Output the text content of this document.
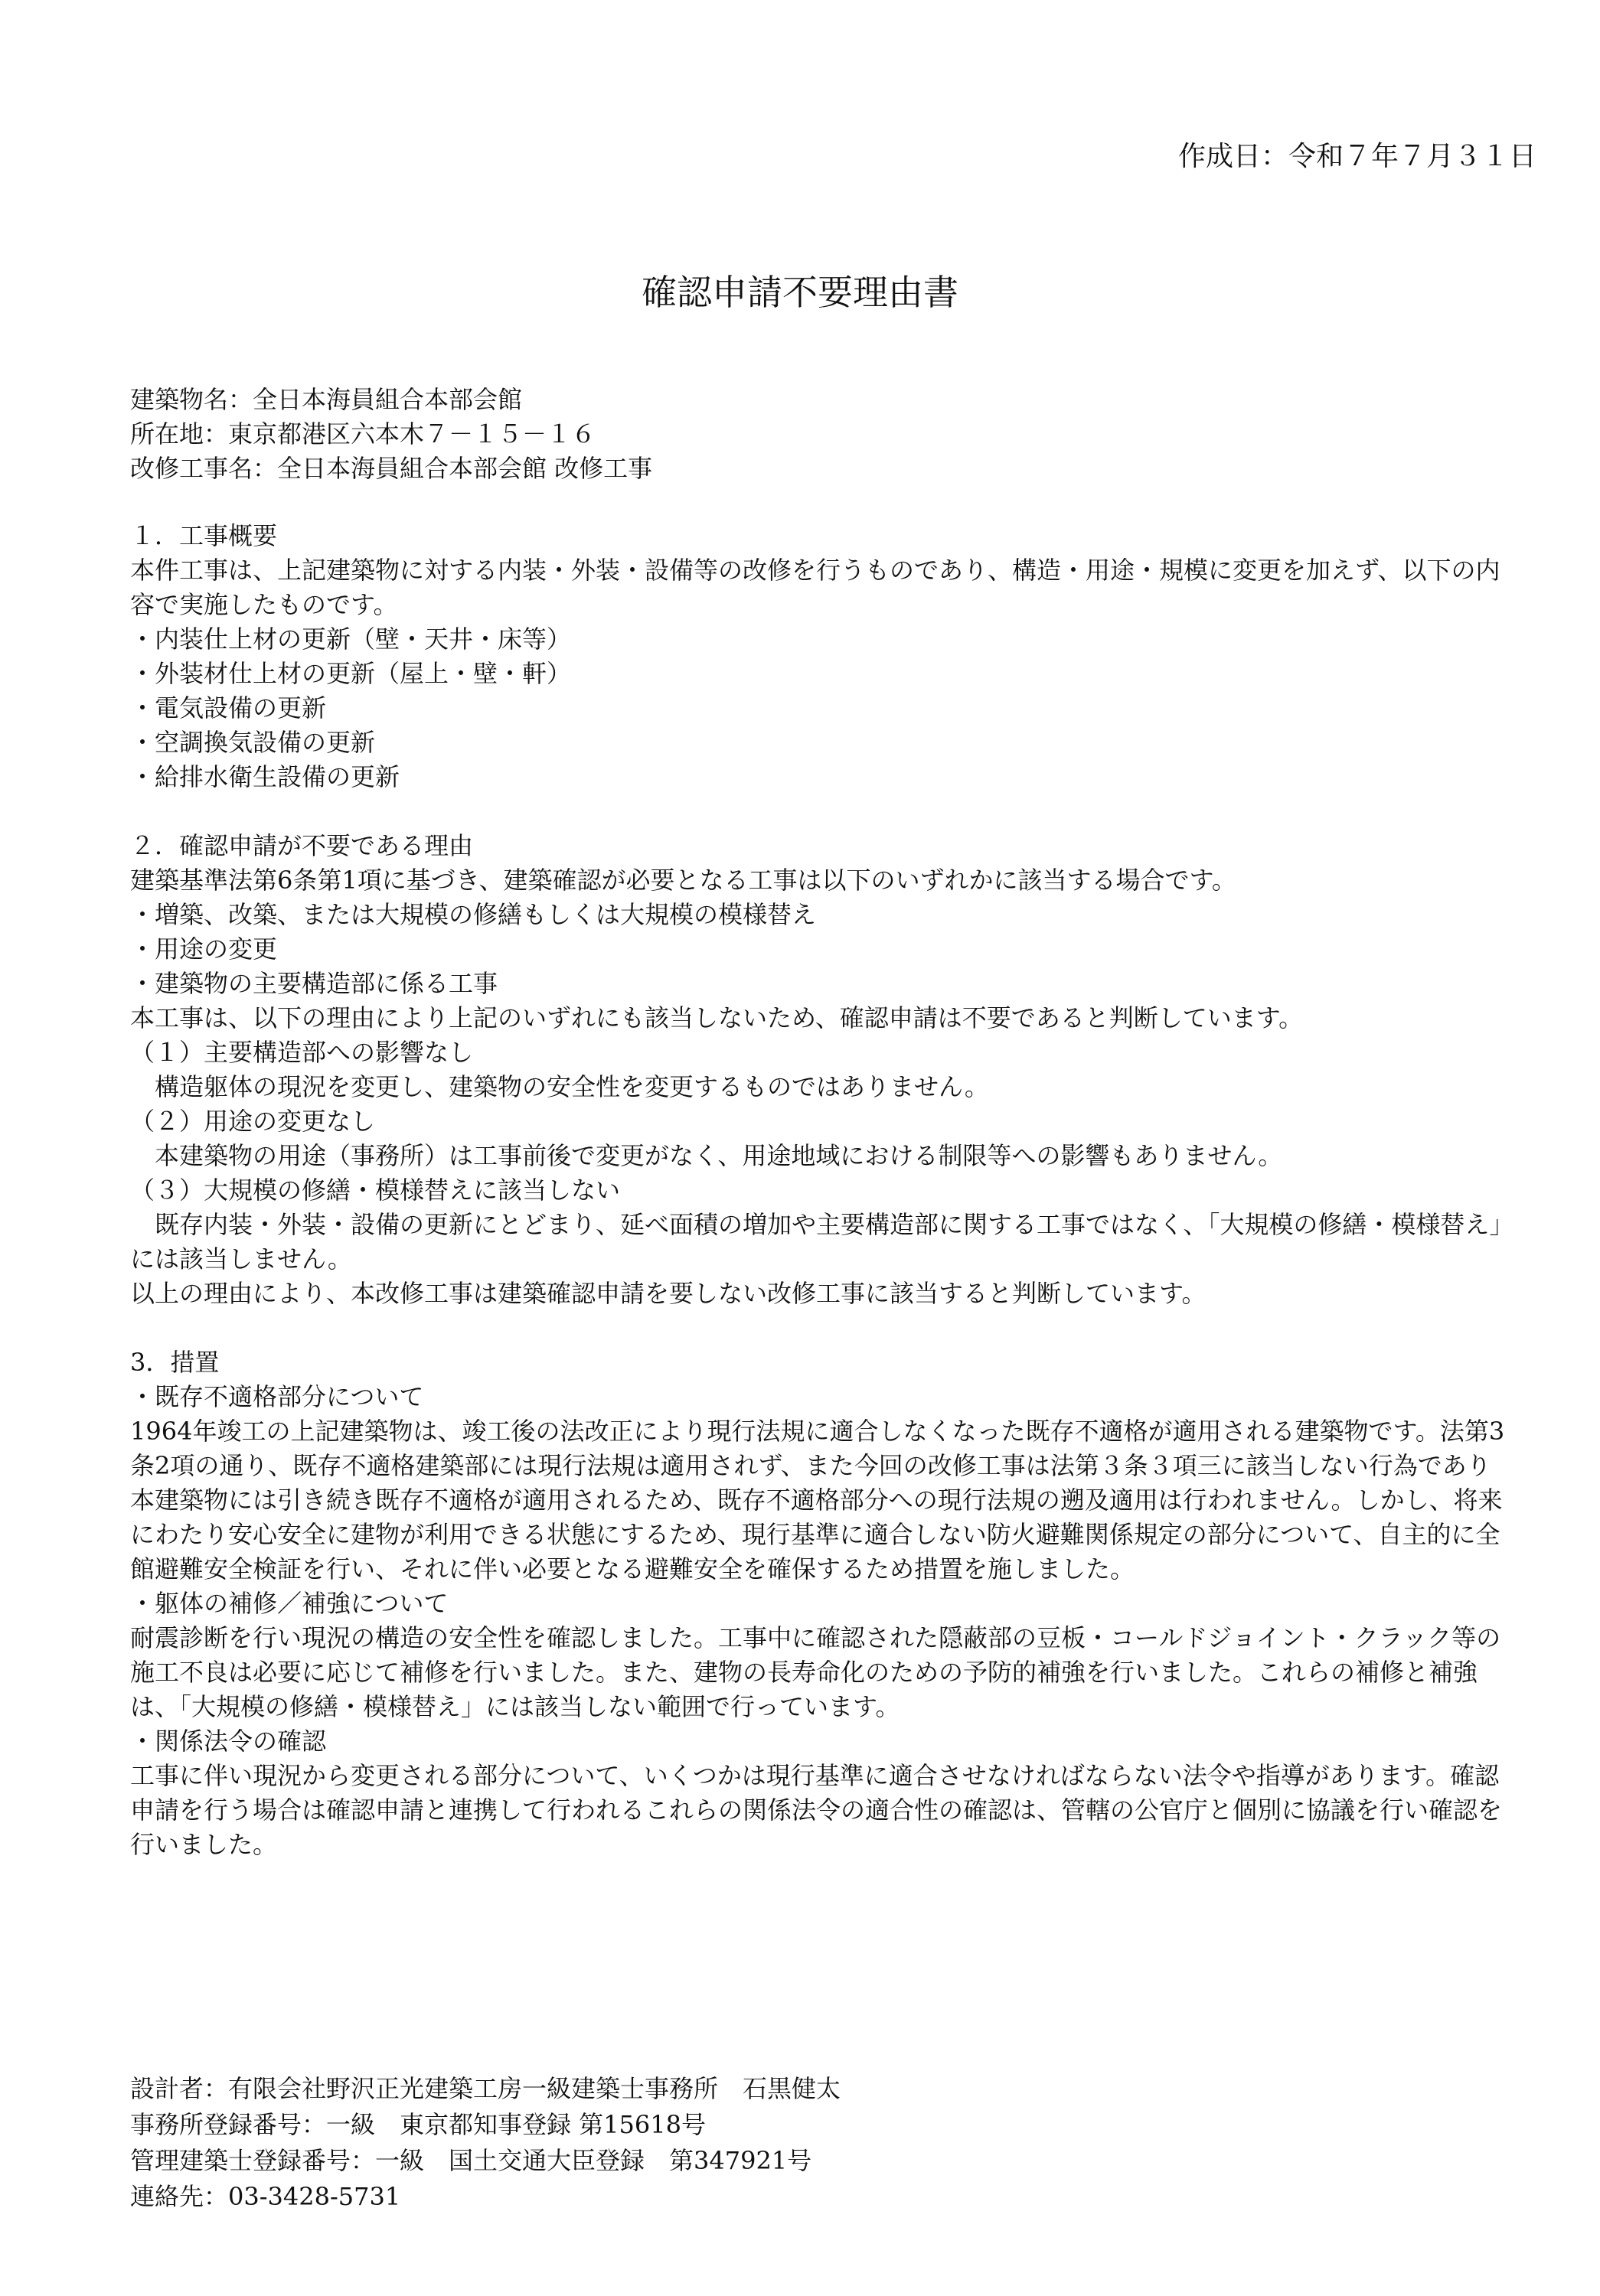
作成日：令和７年７月３１日
確認申請不要理由書
建築物名：全日本海員組合本部会館
所在地：東京都港区六本木７－１５－１６
改修工事名：全日本海員組合本部会館 改修工事
１．工事概要
本件工事は、上記建築物に対する内装・外装・設備等の改修を行うものであり、構造・用途・規模に変更を加えず、以下の内容で実施したものです。
・内装仕上材の更新（壁・天井・床等）
・外装材仕上材の更新（屋上・壁・軒）
・電気設備の更新
・空調換気設備の更新
・給排水衛生設備の更新
２．確認申請が不要である理由
建築基準法第6条第1項に基づき、建築確認が必要となる工事は以下のいずれかに該当する場合です。
・増築、改築、または大規模の修繕もしくは大規模の模様替え
・用途の変更
・建築物の主要構造部に係る工事
本工事は、以下の理由により上記のいずれにも該当しないため、確認申請は不要であると判断しています。
（１）主要構造部への影響なし
　構造躯体の現況を変更し、建築物の安全性を変更するものではありません。
（２）用途の変更なし
　本建築物の用途（事務所）は工事前後で変更がなく、用途地域における制限等への影響もありません。
（３）大規模の修繕・模様替えに該当しない
　既存内装・外装・設備の更新にとどまり、延べ面積の増加や主要構造部に関する工事ではなく、「大規模の修繕・模様替え」には該当しません。
以上の理由により、本改修工事は建築確認申請を要しない改修工事に該当すると判断しています。
3．措置
・既存不適格部分について
1964年竣工の上記建築物は、竣工後の法改正により現行法規に適合しなくなった既存不適格が適用される建築物です。法第3条2項の通り、既存不適格建築部には現行法規は適用されず、また今回の改修工事は法第３条３項三に該当しない行為であり本建築物には引き続き既存不適格が適用されるため、既存不適格部分への現行法規の遡及適用は行われません。しかし、将来にわたり安心安全に建物が利用できる状態にするため、現行基準に適合しない防火避難関係規定の部分について、自主的に全館避難安全検証を行い、それに伴い必要となる避難安全を確保するため措置を施しました。
・躯体の補修／補強について
耐震診断を行い現況の構造の安全性を確認しました。工事中に確認された隠蔽部の豆板・コールドジョイント・クラック等の施工不良は必要に応じて補修を行いました。また、建物の長寿命化のための予防的補強を行いました。これらの補修と補強は、「大規模の修繕・模様替え」には該当しない範囲で行っています。
・関係法令の確認
工事に伴い現況から変更される部分について、いくつかは現行基準に適合させなければならない法令や指導があります。確認申請を行う場合は確認申請と連携して行われるこれらの関係法令の適合性の確認は、管轄の公官庁と個別に協議を行い確認を行いました。
設計者：有限会社野沢正光建築工房一級建築士事務所　石黒健太
事務所登録番号：一級　東京都知事登録 第15618号
管理建築士登録番号：一級　国土交通大臣登録　第347921号
連絡先：03-3428-5731
